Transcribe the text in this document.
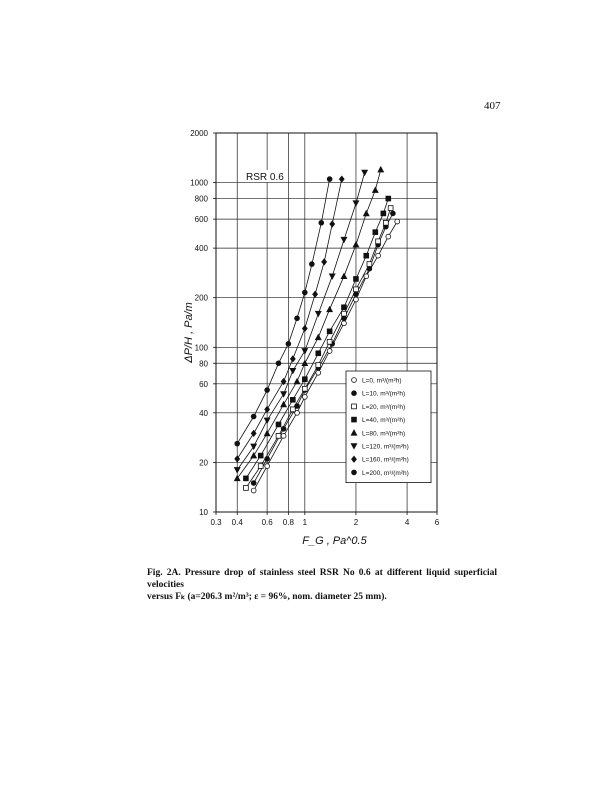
407
0.3 0.4 0.6 0.8 1	2	4	6
10
20
40
60
80
100
200
400
600
800
1000
2000
RSR 0.6
L=0, m³/(m²h)
L=10, m³/(m²h)
L=20, m³/(m²h)
L=40, m³/(m²h)
L=80, m³/(m²h)
L=120, m³/(m²h)
L=160, m³/(m²h)
L=200, m³/(m²h)
ΔP/H , Pa/m
F_G , Pa^0.5
Fig. 2A. Pressure drop of stainless steel RSR No 0.6 at different liquid superficial velocities
versus Fₖ (a=206.3 m²/m³; ε = 96%, nom. diameter 25 mm).
